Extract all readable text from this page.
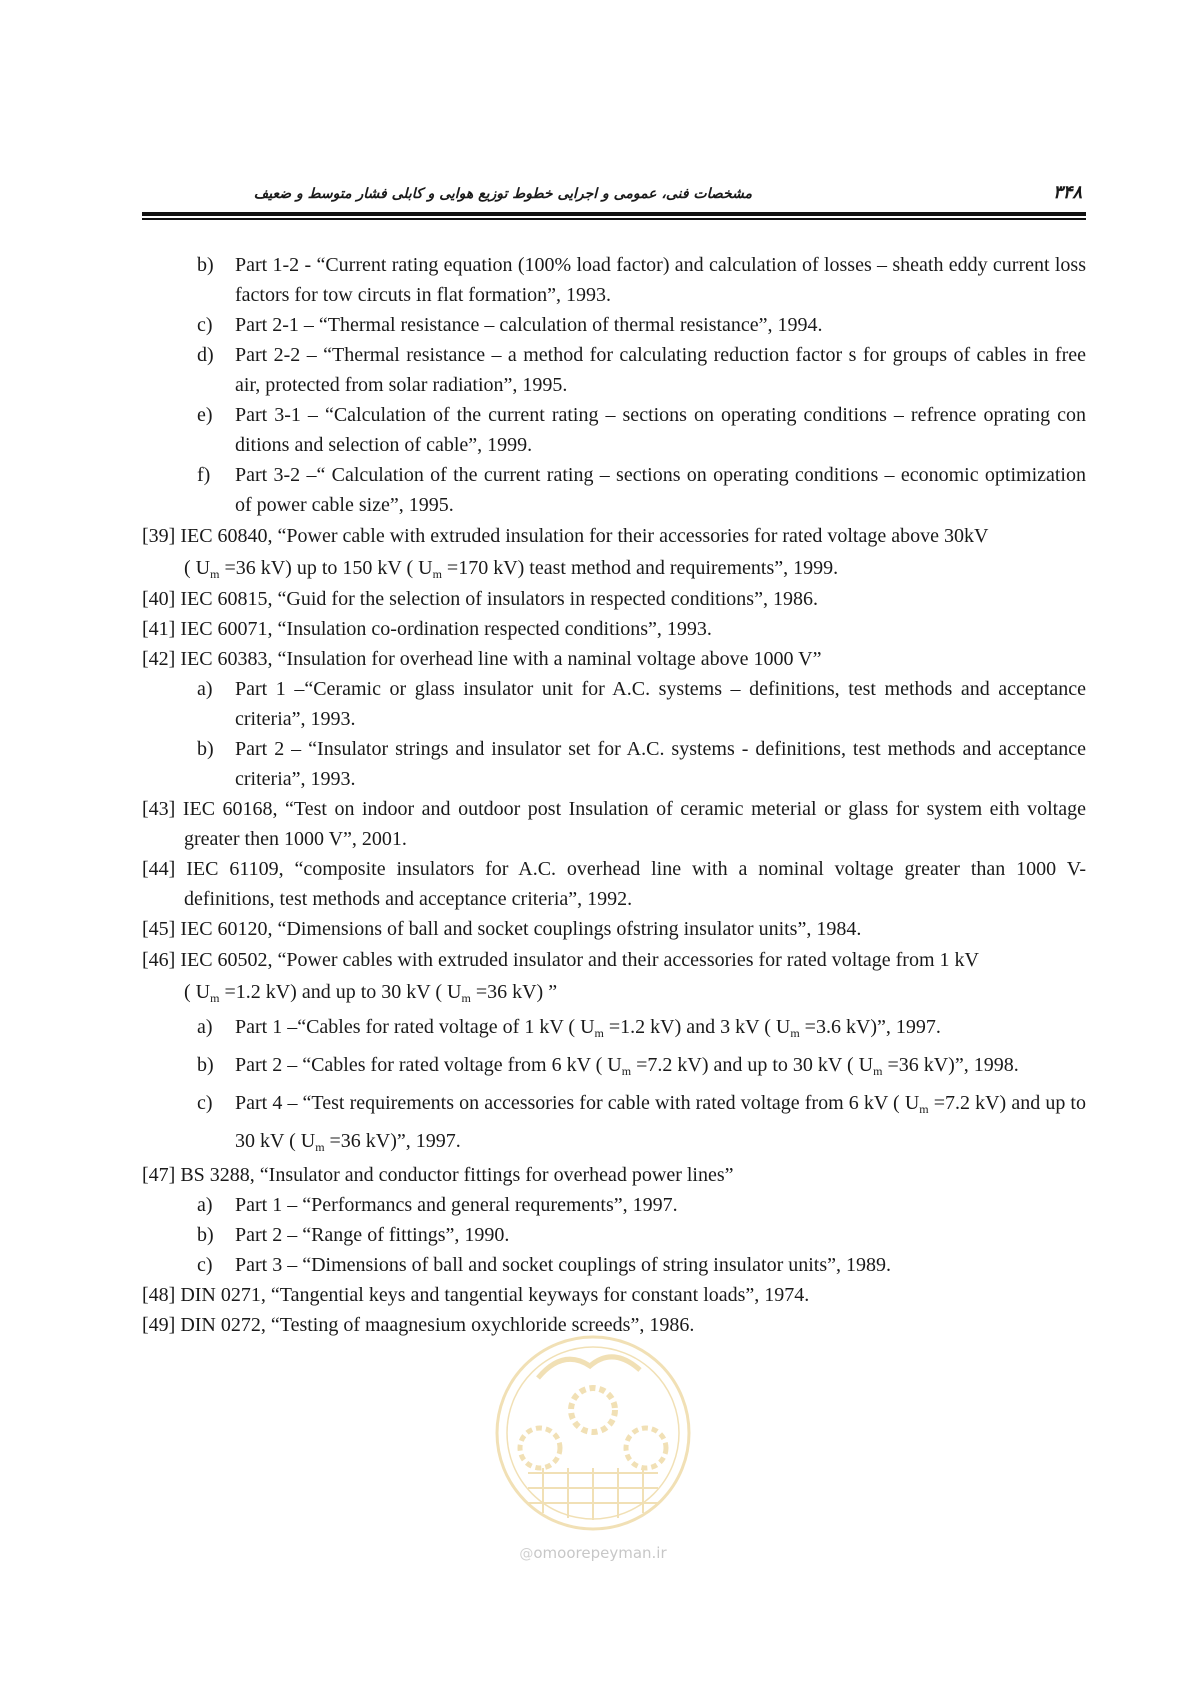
مشخصات فنی، عمومی و اجرایی خطوط توزیع هوایی و کابلی فشار متوسط و ضعیف	۳۴۸

b) Part 1-2 - “Current rating equation (100% load factor) and calculation of losses – sheath eddy current loss factors for tow circuts in flat formation”, 1993.

c) Part 2-1 – “Thermal resistance – calculation of thermal resistance”, 1994.

d) Part 2-2 – “Thermal resistance – a method for calculating reduction factor s for groups of cables in free air, protected from solar radiation”, 1995.

e) Part 3-1 – “Calculation of the current rating – sections on operating conditions – refrence oprating con ditions and selection of cable”, 1999.

f) Part 3-2 –“ Calculation of the current rating – sections on operating conditions – economic optimization of power cable size”, 1995.

[39] IEC 60840, “Power cable with extruded insulation for their accessories for rated voltage above 30kV
( $U_m =36$ kV) up to 150 kV ( $U_m =170$ kV) teast method and requirements”, 1999.

[40] IEC 60815, “Guid for the selection of insulators in respected conditions”, 1986.

[41] IEC 60071, “Insulation co-ordination respected conditions”, 1993.

[42] IEC 60383, “Insulation for overhead line with a naminal voltage above 1000 V”

a) Part 1 –“Ceramic or glass insulator unit for A.C. systems – definitions, test methods and acceptance criteria”, 1993.

b) Part 2 – “Insulator strings and insulator set for A.C. systems - definitions, test methods and acceptance criteria”, 1993.

[43] IEC 60168, “Test on indoor and outdoor post Insulation of ceramic meterial or glass for system eith voltage greater then 1000 V”, 2001.

[44] IEC 61109, “composite insulators for A.C. overhead line with a nominal voltage greater than 1000 V- definitions, test methods and acceptance criteria”, 1992.

[45] IEC 60120, “Dimensions of ball and socket couplings ofstring insulator units”, 1984.

[46] IEC 60502, “Power cables with extruded insulator and their accessories for rated voltage from 1 kV
( $U_m =1.2$ kV) and up to 30 kV ( $U_m =36$ kV) ”

a) Part 1 –“Cables for rated voltage of 1 kV ( $U_m =1.2$ kV) and 3 kV ( $U_m =3.6$ kV)”, 1997.

b) Part 2 – “Cables for rated voltage from 6 kV ( $U_m =7.2$ kV) and up to 30 kV ( $U_m =36$ kV)”, 1998.

c) Part 4 – “Test requirements on accessories for cable with rated voltage from 6 kV ( $U_m =7.2$ kV) and up to 30 kV ( $U_m =36$ kV)”, 1997.

[47] BS 3288, “Insulator and conductor fittings for overhead power lines”

a) Part 1 – “Performancs and general requrements”, 1997.

b) Part 2 – “Range of fittings”, 1990.

c) Part 3 – “Dimensions of ball and socket couplings of string insulator units”, 1989.

[48] DIN 0271, “Tangential keys and tangential keyways for constant loads”, 1974.

[49] DIN 0272, “Testing of maagnesium oxychloride screeds”, 1986.

@omoorepeyman.ir
